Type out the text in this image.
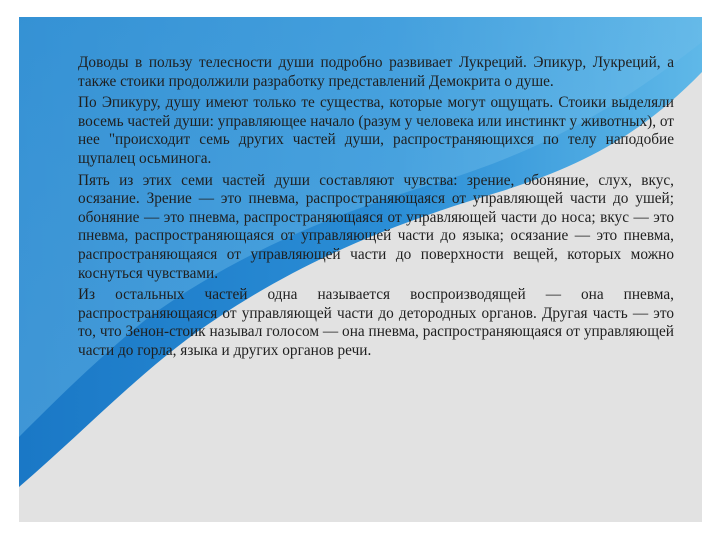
Доводы в пользу телесности души подробно развивает Лукреций. Эпикур, Лукреций, а также стоики продолжили разработку представлений Демокрита о душе.

По Эпикуру, душу имеют только те существа, которые могут ощущать. Стоики выделяли восемь частей души: управляющее начало (разум у человека или инстинкт у животных), от нее "происходит семь других частей души, распространяющихся по телу наподобие щупалец осьминога.

Пять из этих семи частей души составляют чувства: зрение, обоняние, слух, вкус, осязание. Зрение — это пневма, распространяющаяся от управляющей части до ушей; обоняние — это пневма, распространяющаяся от управляющей части до носа; вкус — это пневма, распространяющаяся от управляющей части до языка; осязание — это пневма, распространяющаяся от управляющей части до поверхности вещей, которых можно коснуться чувствами.

Из остальных частей одна называется воспроизводящей — она пневма, распространяющаяся от управляющей части до детородных органов. Другая часть — это то, что Зенон-стоик называл голосом — она пневма, распространяющаяся от управляющей части до горла, языка и других органов речи.
